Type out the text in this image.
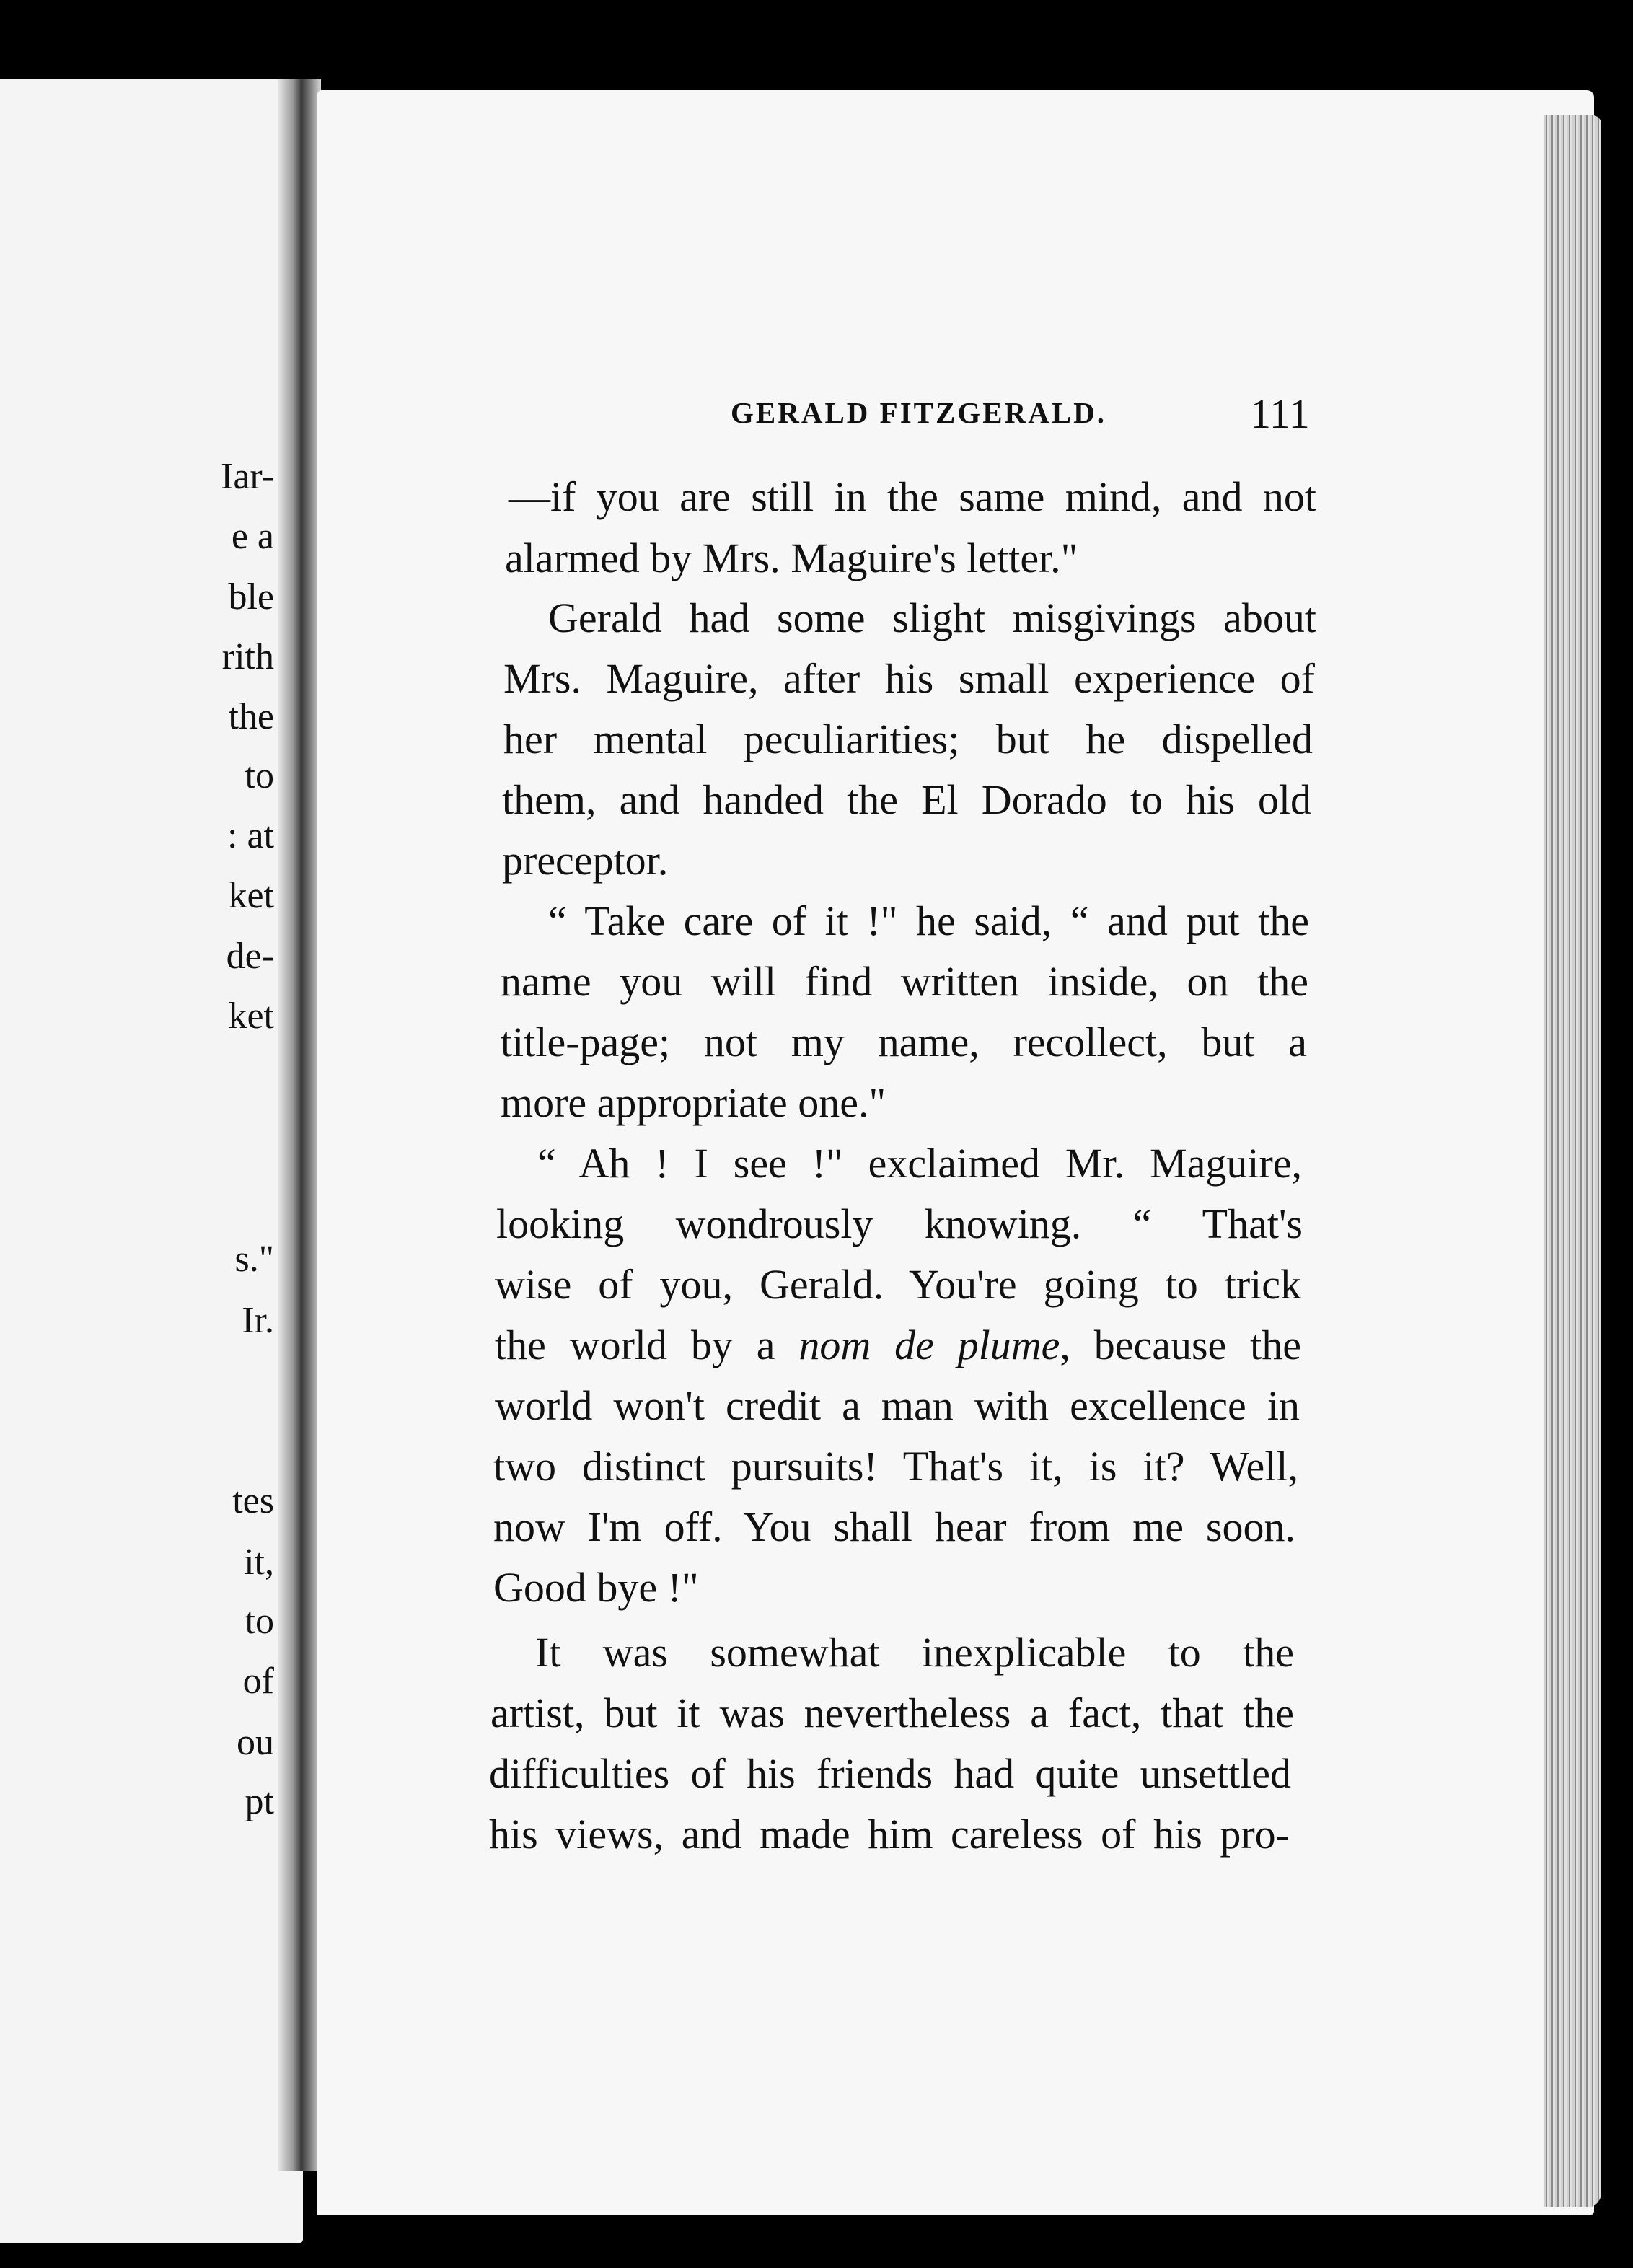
Iar-
e a
ble
rith
the
to
: at
ket
de-
ket
s."
Ir.
tes
it,
to
of
ou
pt
GERALD FITZGERALD.	111
—if you are still in the same mind, and not
alarmed by Mrs. Maguire's letter."
Gerald had some slight misgivings about
Mrs. Maguire, after his small experience of
her mental peculiarities; but he dispelled
them, and handed the El Dorado to his old
preceptor.
“ Take care of it !" he said, “ and put the
name you will find written inside, on the
title-page; not my name, recollect, but a
more appropriate one."
“ Ah ! I see !" exclaimed Mr. Maguire,
looking wondrously knowing. “ That's
wise of you, Gerald. You're going to trick
the world by a nom de plume, because the
world won't credit a man with excellence in
two distinct pursuits! That's it, is it? Well,
now I'm off. You shall hear from me soon.
Good bye !"
It was somewhat inexplicable to the
artist, but it was nevertheless a fact, that the
difficulties of his friends had quite unsettled
his views, and made him careless of his pro-
